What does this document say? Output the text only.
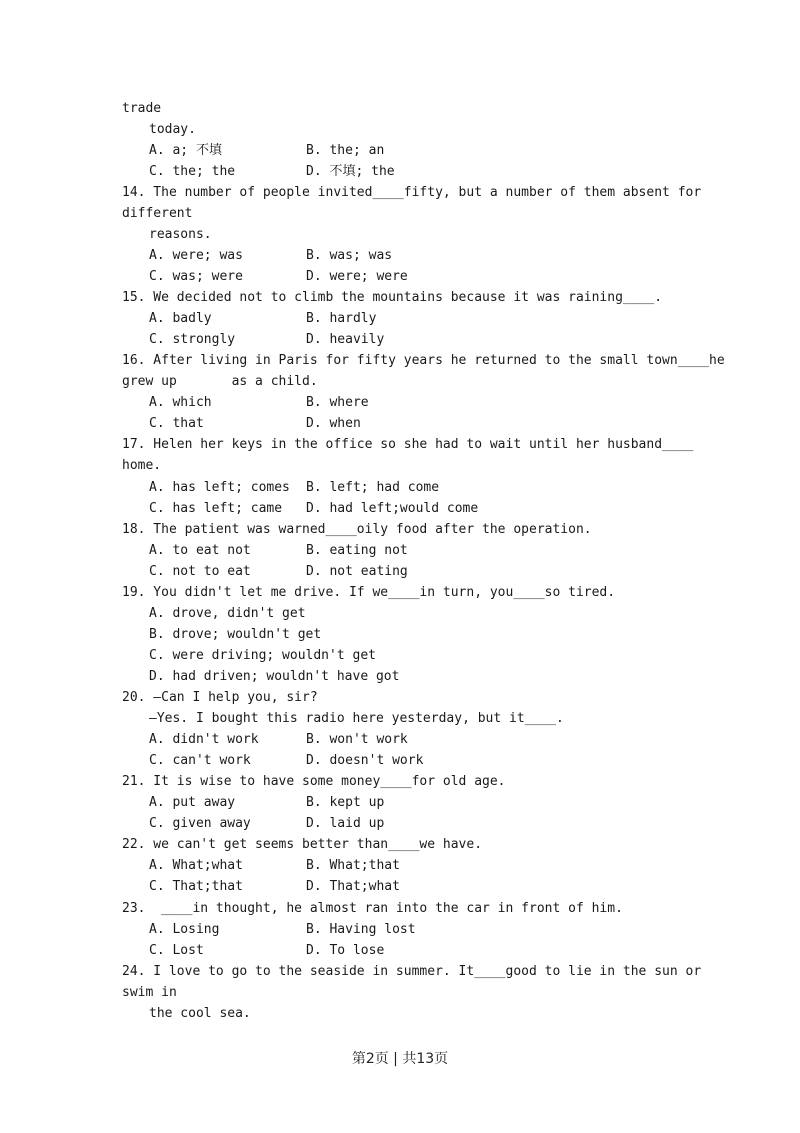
trade
today.
A. a; 不填	B. the; an
C. the; the	D. 不填; the
14. The number of people invited____fifty, but a number of them absent for
different
reasons.
A. were; was	B. was; was
C. was; were	D. were; were
15. We decided not to climb the mountains because it was raining____.
A. badly	B. hardly
C. strongly	D. heavily
16. After living in Paris for fifty years he returned to the small town____he
grew up       as a child.
A. which	B. where
C. that	D. when
17. Helen her keys in the office so she had to wait until her husband____
home.
A. has left; comes B. left; had come
C. has left; came D. had left;would come
18. The patient was warned____oily food after the operation.
A. to eat not	B. eating not
C. not to eat	D. not eating
19. You didn't let me drive. If we____in turn, you____so tired.
A. drove, didn't get
B. drove; wouldn't get
C. were driving; wouldn't get
D. had driven; wouldn't have got
20. —Can I help you, sir?
—Yes. I bought this radio here yesterday, but it____.
A. didn't work	B. won't work
C. can't work	D. doesn't work
21. It is wise to have some money____for old age.
A. put away	B. kept up
C. given away	D. laid up
22. we can't get seems better than____we have.
A. What;what	B. What;that
C. That;that	D. That;what
23.  ____in thought, he almost ran into the car in front of him.
A. Losing	B. Having lost
C. Lost	D. To lose
24. I love to go to the seaside in summer. It____good to lie in the sun or
swim in
the cool sea.
第2页 | 共13页
